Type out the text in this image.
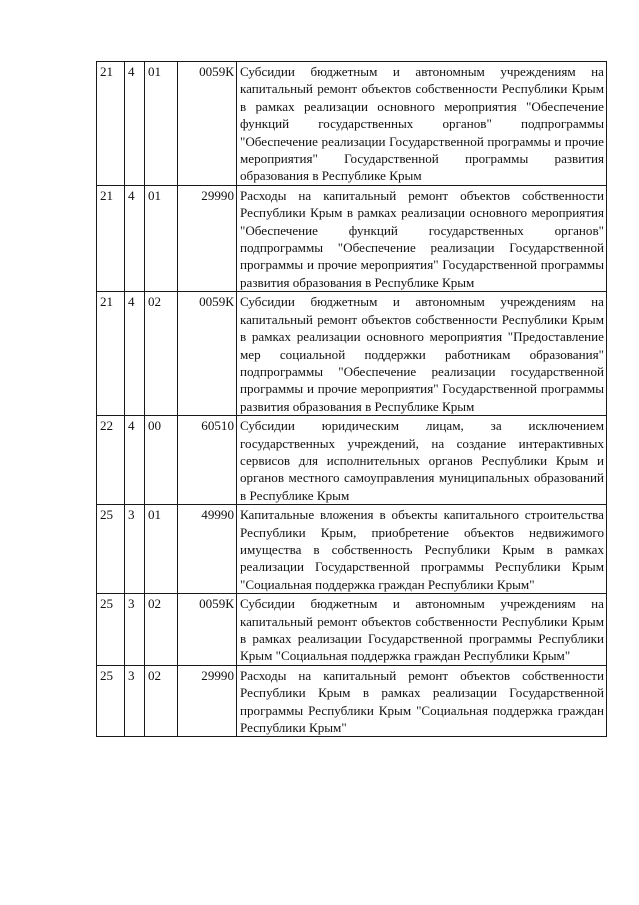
21	4	01	0059К	Субсидии бюджетным и автономным учреждениям на капитальный ремонт объектов собственности Республики Крым в рамках реализации основного мероприятия "Обеспечение функций государственных органов" подпрограммы "Обеспечение реализации Государственной программы и прочие мероприятия" Государственной программы развития образования в Республике Крым
21	4	01	29990	Расходы на капитальный ремонт объектов собственности Республики Крым в рамках реализации основного мероприятия "Обеспечение функций государственных органов" подпрограммы "Обеспечение реализации Государственной программы и прочие мероприятия" Государственной программы развития образования в Республике Крым
21	4	02	0059К	Субсидии бюджетным и автономным учреждениям на капитальный ремонт объектов собственности Республики Крым в рамках реализации основного мероприятия "Предоставление мер социальной поддержки работникам образования" подпрограммы "Обеспечение реализации государственной программы и прочие мероприятия" Государственной программы развития образования в Республике Крым
22	4	00	60510	Субсидии юридическим лицам, за исключением государственных учреждений, на создание интерактивных сервисов для исполнительных органов Республики Крым и органов местного самоуправления муниципальных образований в Республике Крым
25	3	01	49990	Капитальные вложения в объекты капитального строительства Республики Крым, приобретение объектов недвижимого имущества в собственность Республики Крым в рамках реализации Государственной программы Республики Крым "Социальная поддержка граждан Республики Крым"
25	3	02	0059К	Субсидии бюджетным и автономным учреждениям на капитальный ремонт объектов собственности Республики Крым в рамках реализации Государственной программы Республики Крым "Социальная поддержка граждан Республики Крым"
25	3	02	29990	Расходы на капитальный ремонт объектов собственности Республики Крым в рамках реализации Государственной программы Республики Крым "Социальная поддержка граждан Республики Крым"
